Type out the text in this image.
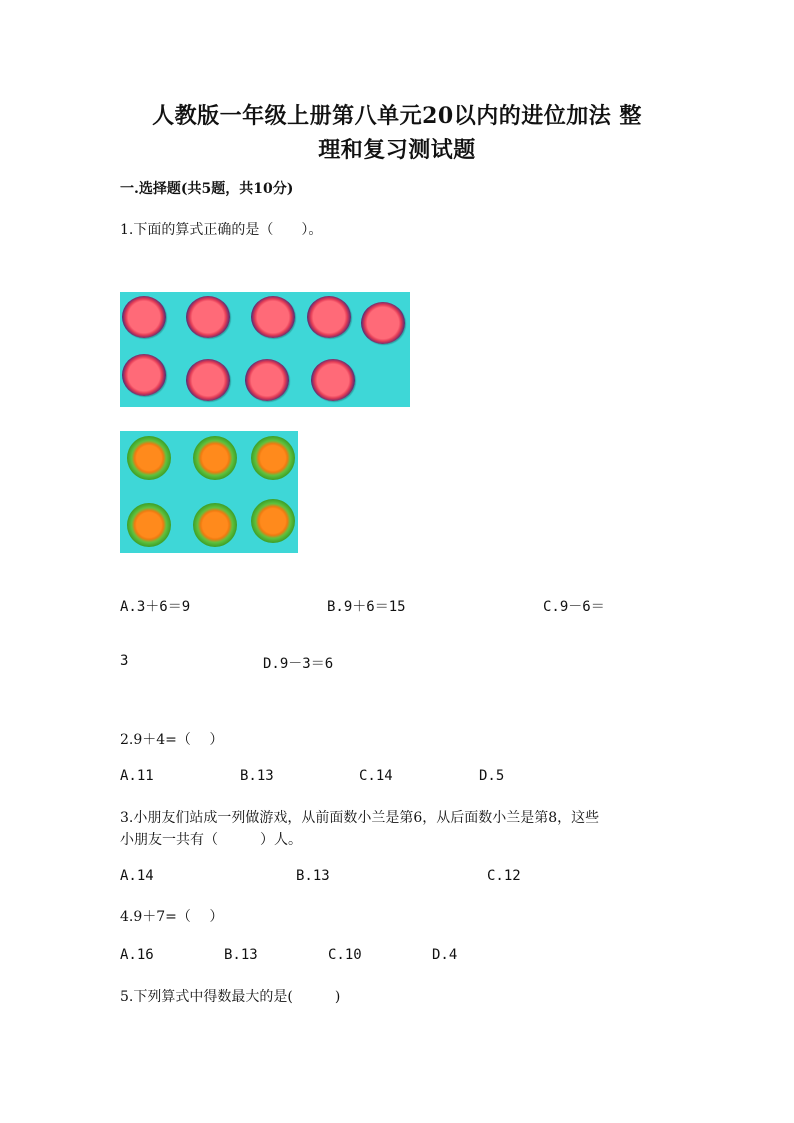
人教版一年级上册第八单元20以内的进位加法 整
理和复习测试题
一.选择题(共5题，共10分)
1.下面的算式正确的是（　　）。
A.3＋6＝9	B.9＋6＝15	C.9－6＝
3	D.9－3＝6
2.9＋4=（　 ）
A.11	B.13	C.14	D.5
3.小朋友们站成一列做游戏，从前面数小兰是第6，从后面数小兰是第8，这些
小朋友一共有（　　　）人。
A.14	B.13	C.12
4.9＋7=（　 ）
A.16	B.13	C.10	D.4
5.下列算式中得数最大的是(　　　)
